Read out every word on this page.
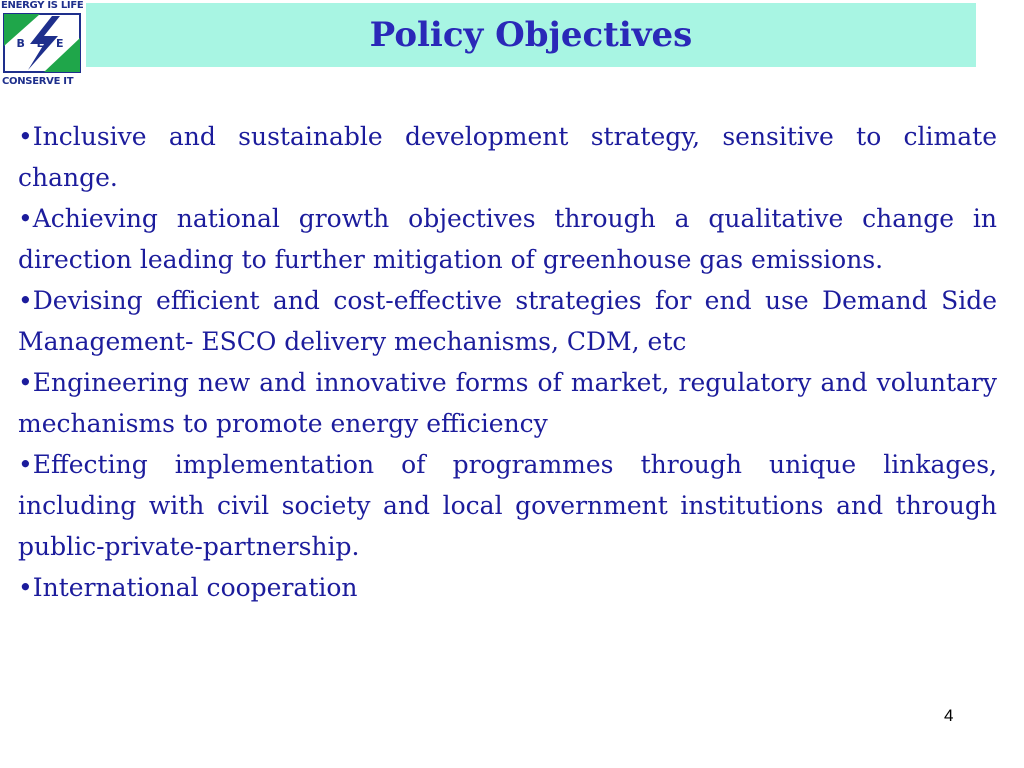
ENERGY IS LIFE
B E E
CONSERVE IT
Policy Objectives

•Inclusive and sustainable development strategy, sensitive to climate change.

•Achieving national growth objectives through a qualitative change in direction leading to further mitigation of greenhouse gas emissions.

•Devising efficient and cost-effective strategies for end use Demand Side Management- ESCO delivery mechanisms, CDM, etc

•Engineering new and innovative forms of market, regulatory and voluntary mechanisms to promote energy efficiency

•Effecting implementation of programmes through unique linkages, including with civil society and local government institutions and through public-private-partnership.

•International cooperation

4
